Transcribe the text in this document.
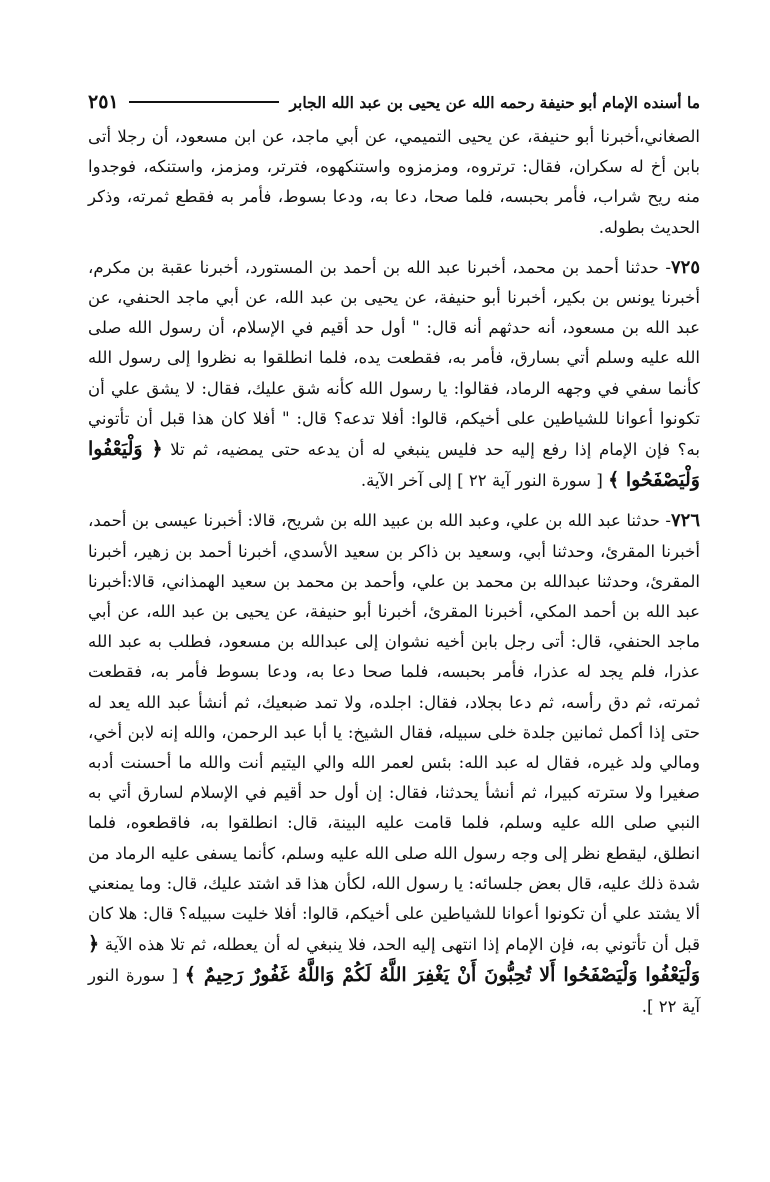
ما أسنده الإمام أبو حنيفة رحمه الله عن يحيى بن عبد الله الجابر
٢٥١

الصغاني،أخبرنا أبو حنيفة، عن يحيى التميمي، عن أبي ماجد، عن ابن مسعود، أن رجلا أتى بابن أخ له سكران، فقال: ترتروه، ومزمزوه واستنكهوه، فترتر، ومزمز، واستنكه، فوجدوا منه ريح شراب، فأمر بحبسه، فلما صحا، دعا به، ودعا بسوط، فأمر به فقطع ثمرته، وذكر الحديث بطوله.

٧٢٥- حدثنا أحمد بن محمد، أخبرنا عبد الله بن أحمد بن المستورد، أخبرنا عقبة بن مكرم، أخبرنا يونس بن بكير، أخبرنا أبو حنيفة، عن يحيى بن عبد الله، عن أبي ماجد الحنفي، عن عبد الله بن مسعود، أنه حدثهم أنه قال: " أول حد أقيم في الإسلام، أن رسول الله صلى الله عليه وسلم أتي بسارق، فأمر به، فقطعت يده، فلما انطلقوا به نظروا إلى رسول الله كأنما سفي في وجهه الرماد، فقالوا: يا رسول الله كأنه شق عليك، فقال: لا يشق علي أن تكونوا أعوانا للشياطين على أخيكم، قالوا: أفلا تدعه؟ قال: " أفلا كان هذا قبل أن تأتوني به؟ فإن الإمام إذا رفع إليه حد فليس ينبغي له أن يدعه حتى يمضيه، ثم تلا ﴿ وَلْيَعْفُوا وَلْيَصْفَحُوا ﴾ [ سورة النور آية ٢٢ ] إلى آخر الآية.

٧٢٦- حدثنا عبد الله بن علي، وعبد الله بن عبيد الله بن شريح، قالا: أخبرنا عيسى بن أحمد، أخبرنا المقرئ، وحدثنا أبي، وسعيد بن ذاكر بن سعيد الأسدي، أخبرنا أحمد بن زهير، أخبرنا المقرئ، وحدثنا عبدالله بن محمد بن علي، وأحمد بن محمد بن سعيد الهمذاني، قالا:أخبرنا عبد الله بن أحمد المكي، أخبرنا المقرئ، أخبرنا أبو حنيفة، عن يحيى بن عبد الله، عن أبي ماجد الحنفي، قال: أتى رجل بابن أخيه نشوان إلى عبدالله بن مسعود، فطلب به عبد الله عذرا، فلم يجد له عذرا، فأمر بحبسه، فلما صحا دعا به، ودعا بسوط فأمر به، فقطعت ثمرته، ثم دق رأسه، ثم دعا بجلاد، فقال: اجلده، ولا تمد ضبعيك، ثم أنشأ عبد الله يعد له حتى إذا أكمل ثمانين جلدة خلى سبيله، فقال الشيخ: يا أبا عبد الرحمن، والله إنه لابن أخي، ومالي ولد غيره، فقال له عبد الله: بئس لعمر الله والي اليتيم أنت والله ما أحسنت أدبه صغيرا ولا سترته كبيرا، ثم أنشأ يحدثنا، فقال: إن أول حد أقيم في الإسلام لسارق أتي به النبي صلى الله عليه وسلم، فلما قامت عليه البينة، قال: انطلقوا به، فاقطعوه، فلما انطلق، ليقطع نظر إلى وجه رسول الله صلى الله عليه وسلم، كأنما يسفى عليه الرماد من شدة ذلك عليه، قال بعض جلسائه: يا رسول الله، لكأن هذا قد اشتد عليك، قال: وما يمنعني ألا يشتد علي أن تكونوا أعوانا للشياطين على أخيكم، قالوا: أفلا خليت سبيله؟ قال: هلا كان قبل أن تأتوني به، فإن الإمام إذا انتهى إليه الحد، فلا ينبغي له أن يعطله، ثم تلا هذه الآية ﴿ وَلْيَعْفُوا وَلْيَصْفَحُوا أَلا تُحِبُّونَ أَنْ يَغْفِرَ اللَّهُ لَكُمْ وَاللَّهُ غَفُورٌ رَحِيمٌ ﴾ [ سورة النور آية ٢٢ ].
